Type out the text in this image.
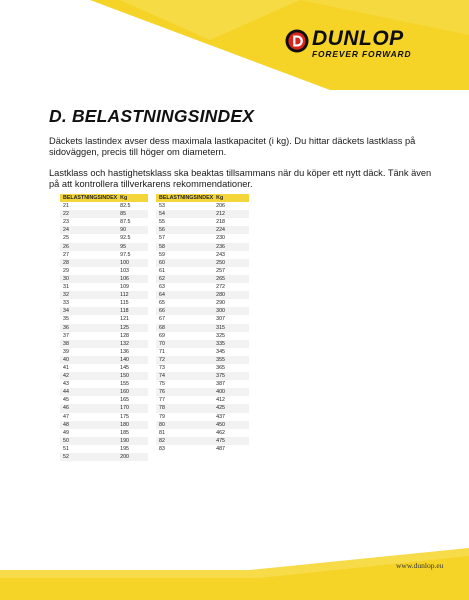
DUNLOP
FOREVER FORWARD
D. BELASTNINGSINDEX

Däckets lastindex avser dess maximala lastkapacitet (i kg). Du hittar däckets lastklass på sidoväggen, precis till höger om diametern.

Lastklass och hastighetsklass ska beaktas tillsammans när du köper ett nytt däck. Tänk även på att kontrollera tillverkarens rekommendationer.

BELASTNINGSINDEX	Kg
21	82.5
22	85
23	87.5
24	90
25	92.5
26	95
27	97.5
28	100
29	103
30	106
31	109
32	112
33	115
34	118
35	121
36	125
37	128
38	132
39	136
40	140
41	145
42	150
43	155
44	160
45	165
46	170
47	175
48	180
49	185
50	190
51	195
52	200
BELASTNINGSINDEX	Kg
53	206
54	212
55	218
56	224
57	230
58	236
59	243
60	250
61	257
62	265
63	272
64	280
65	290
66	300
67	307
68	315
69	325
70	335
71	345
72	355
73	365
74	375
75	387
76	400
77	412
78	425
79	437
80	450
81	462
82	475
83	487
www.dunlop.eu
